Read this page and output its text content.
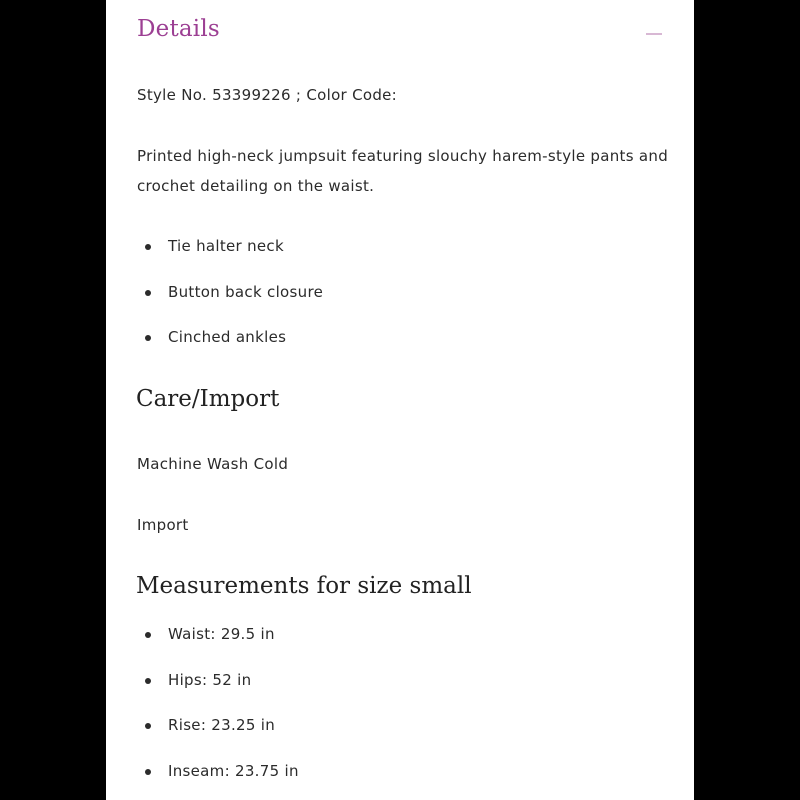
Details
Style No. 53399226 ; Color Code:
Printed high-neck jumpsuit featuring slouchy harem-style pants and crochet detailing on the waist.
Tie halter neck
Button back closure
Cinched ankles
Care/Import
Machine Wash Cold
Import
Measurements for size small
Waist: 29.5 in
Hips: 52 in
Rise: 23.25 in
Inseam: 23.75 in
